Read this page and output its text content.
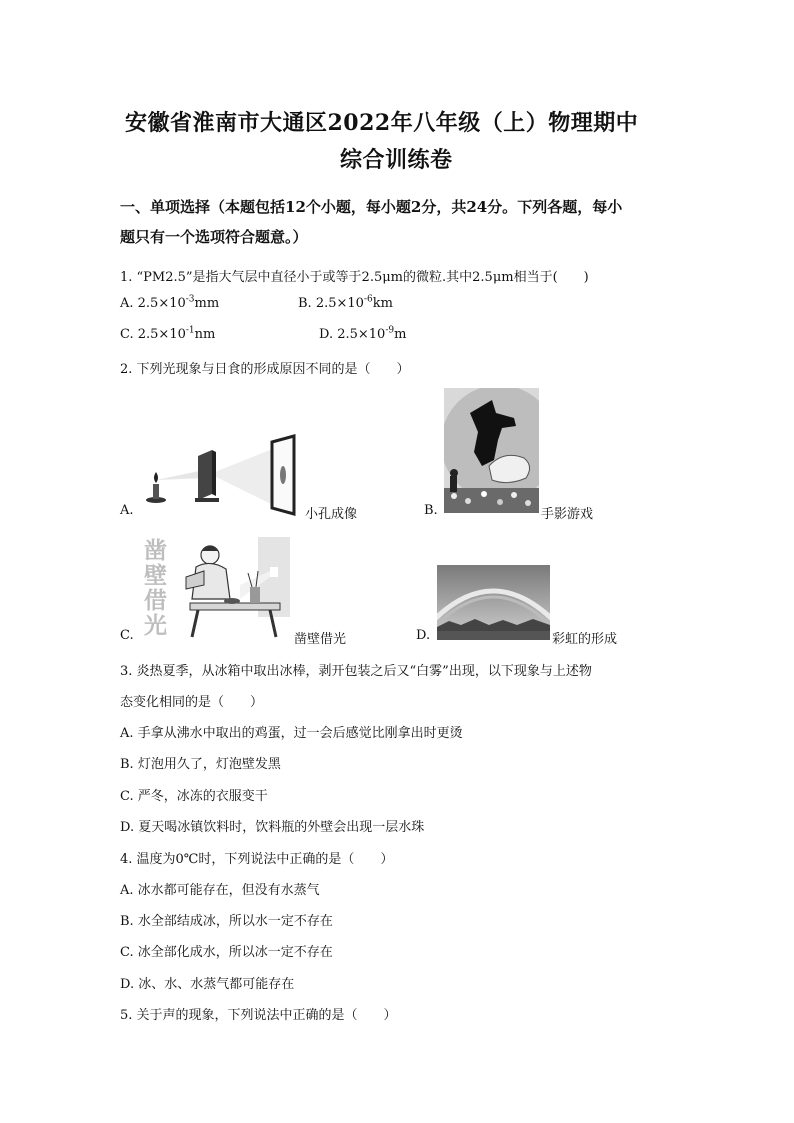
安徽省淮南市大通区2022年八年级（上）物理期中
综合训练卷
一、单项选择（本题包括12个小题，每小题2分，共24分。下列各题，每小
题只有一个选项符合题意。）
1. “PM2.5”是指大气层中直径小于或等于2.5μm的微粒.其中2.5μm相当于(　　)
A. $2.5\times 10^{-3}mm$	B. $2.5\times 10^{-6}km$
C. $2.5\times 10^{-1}nm$	D. $2.5\times 10^{-9}m$
2. 下列光现象与日食的形成原因不同的是（　　）
A.	小孔成像	B.	手影游戏
C.
凿
壁
借
光
凿壁借光	D.	彩虹的形成
3. 炎热夏季，从冰箱中取出冰棒，剥开包装之后又“白雾”出现，以下现象与上述物
态变化相同的是（　　）
A. 手拿从沸水中取出的鸡蛋，过一会后感觉比刚拿出时更烫
B. 灯泡用久了，灯泡壁发黑
C. 严冬，冰冻的衣服变干
D. 夏天喝冰镇饮料时，饮料瓶的外壁会出现一层水珠
4. 温度为0℃时，下列说法中正确的是（　　）
A. 冰水都可能存在，但没有水蒸气
B. 水全部结成冰，所以水一定不存在
C. 冰全部化成水，所以冰一定不存在
D. 冰、水、水蒸气都可能存在
5. 关于声的现象，下列说法中正确的是（　　）
